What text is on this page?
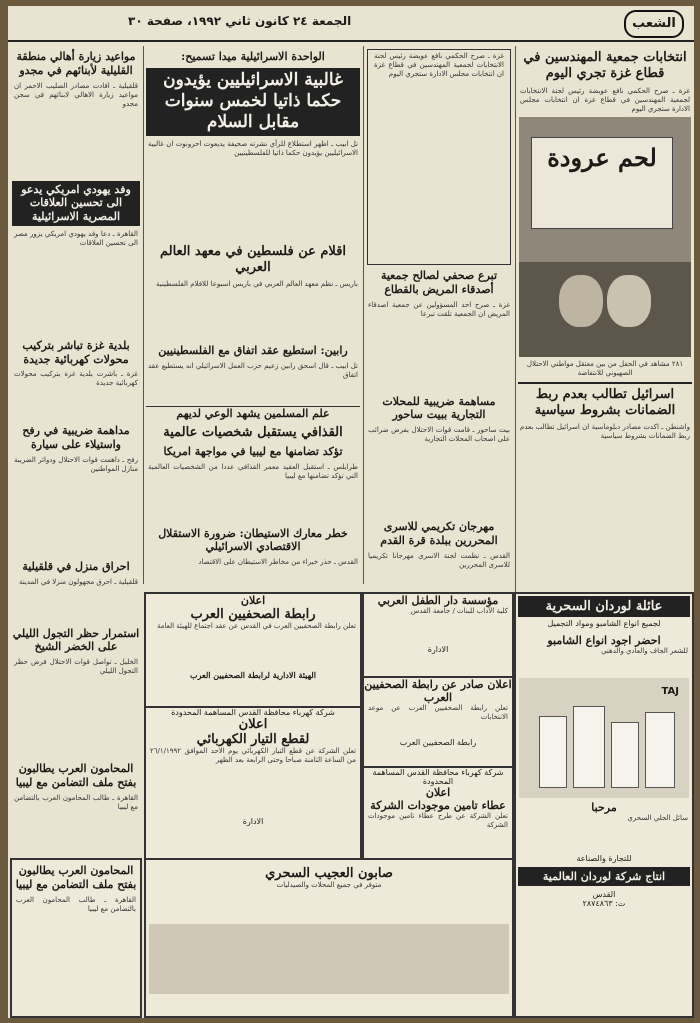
الشعب
الجمعة ٢٤ كانون ثاني ١٩٩٢، صفحة ٣٠
انتخابات جمعية المهندسين في قطاع غزة تجري اليوم
غزة ـ صرح الحكمي نافع عويضة رئيس لجنة الانتخابات لجمعية المهندسين في قطاع غزة ان انتخابات مجلس الادارة ستجري اليوم
لحم عرودة
٢٨١ مشاهد في الحفل من بين معتقل مواطني الاحتلال الصهيوني للانتفاضة
اسرائيل تطالب بعدم ربط الضمانات بشروط سياسية
واشنطن ـ اكدت مصادر دبلوماسية ان اسرائيل تطالب بعدم ربط الضمانات بشروط سياسية
غزة ـ صرح الحكمي نافع عويضة رئيس لجنة الانتخابات لجمعية المهندسين في قطاع غزة ان انتخابات مجلس الادارة ستجري اليوم
تبرع صحفي لصالح جمعية أصدقاء المريض بالقطاع
غزة ـ صرح احد المسؤولين عن جمعية اصدقاء المريض ان الجمعية تلقت تبرعا
مساهمة ضريبية للمحلات التجارية ببيت ساحور
بيت ساحور ـ قامت قوات الاحتلال بفرض ضرائب على اصحاب المحلات التجارية
مهرجان تكريمي للاسرى المحررين ببلدة قرة القدم
القدس ـ نظمت لجنة الاسرى مهرجانا تكريميا للاسرى المحررين
الواحدة الاسرائيلية ميدا تسميح:
غالبية الاسرائيليين يؤيدون حكما ذاتيا لخمس سنوات مقابل السلام
تل ابيب ـ اظهر استطلاع للرأي نشرته صحيفة يديعوت احرونوت ان غالبية الاسرائيليين يؤيدون حكما ذاتيا للفلسطينيين
اقلام عن فلسطين في معهد العالم العربي
باريس ـ نظم معهد العالم العربي في باريس اسبوعا للافلام الفلسطينية
رابين: استطيع عقد اتفاق مع الفلسطينيين
تل ابيب ـ قال اسحق رابين زعيم حزب العمل الاسرائيلي انه يستطيع عقد اتفاق
علم المسلمين يشهد الوعي لديهم
القذافي يستقبل شخصيات عالمية
تؤكد تضامنها مع ليبيا في مواجهة امريكا
طرابلس ـ استقبل العقيد معمر القذافي عددا من الشخصيات العالمية التي تؤكد تضامنها مع ليبيا
خطر معارك الاستيطان: ضرورة الاستقلال الاقتصادي الاسرائيلي
القدس ـ حذر خبراء من مخاطر الاستيطان على الاقتصاد
مواعيد زيارة أهالي منطقة القليلية لأبنائهم في مجدو
قلقيلية ـ افادت مصادر الصليب الاحمر ان مواعيد زيارة الاهالي لابنائهم في سجن مجدو
وفد يهودي امريكي يدعو الى تحسين العلاقات المصرية الاسرائيلية
القاهرة ـ دعا وفد يهودي امريكي يزور مصر الى تحسين العلاقات
بلدية غزة تباشر بتركيب محولات كهربائية جديدة
غزة ـ باشرت بلدية غزة بتركيب محولات كهربائية جديدة
مداهمة ضريبية في رفح واستيلاء على سيارة
رفح ـ داهمت قوات الاحتلال ودوائر الضريبة منازل المواطنين
احراق منزل في قلقيلية
قلقيلية ـ احرق مجهولون منزلا في المدينة
استمرار حظر التجول الليلي على الخضر الشيخ
الخليل ـ تواصل قوات الاحتلال فرض حظر التجول الليلي
المحامون العرب يطالبون بفتح ملف التضامن مع ليبيا
القاهرة ـ طالب المحامون العرب بالتضامن مع ليبيا
اعلان
رابطة الصحفيين العرب
تعلن رابطة الصحفيين العرب في القدس عن عقد اجتماع للهيئة العامة
الهيئة الادارية لرابطة الصحفيين العرب
شركة كهرباء محافظة القدس المساهمة المحدودة
اعلان
لقطع التيار الكهربائي
تعلن الشركة عن قطع التيار الكهربائي يوم الاحد الموافق ٢٦/١/١٩٩٢ من الساعة الثامنة صباحا وحتى الرابعة بعد الظهر
الادارة
مؤسسة دار الطفل العربي
كلية الآداب للبنات / جامعة القدس
الادارة
اعلان صادر عن رابطة الصحفيين العرب
تعلن رابطة الصحفيين العرب عن موعد الانتخابات
رابطة الصحفيين العرب
شركة كهرباء محافظة القدس المساهمة المحدودة
اعلان
عطاء تامين موجودات الشركة
تعلن الشركة عن طرح عطاء تامين موجودات الشركة
عائلة لوردان السحرية
لجميع انواع الشامبو ومواد التجميل
احضر اجود انواع الشامبو
للشعر الجاف والعادي والدهني
TAJ
مرحبا
سائل الجلي السحري
للتجارة والصناعة
انتاج شركة لوردان العالمية
القدس
ت: ٢٨٧٤٨٦٣
صابون العجيب السحري
متوفر في جميع المحلات والصيدليات
المحامون العرب يطالبون بفتح ملف التضامن مع ليبيا
القاهرة ـ طالب المحامون العرب بالتضامن مع ليبيا
